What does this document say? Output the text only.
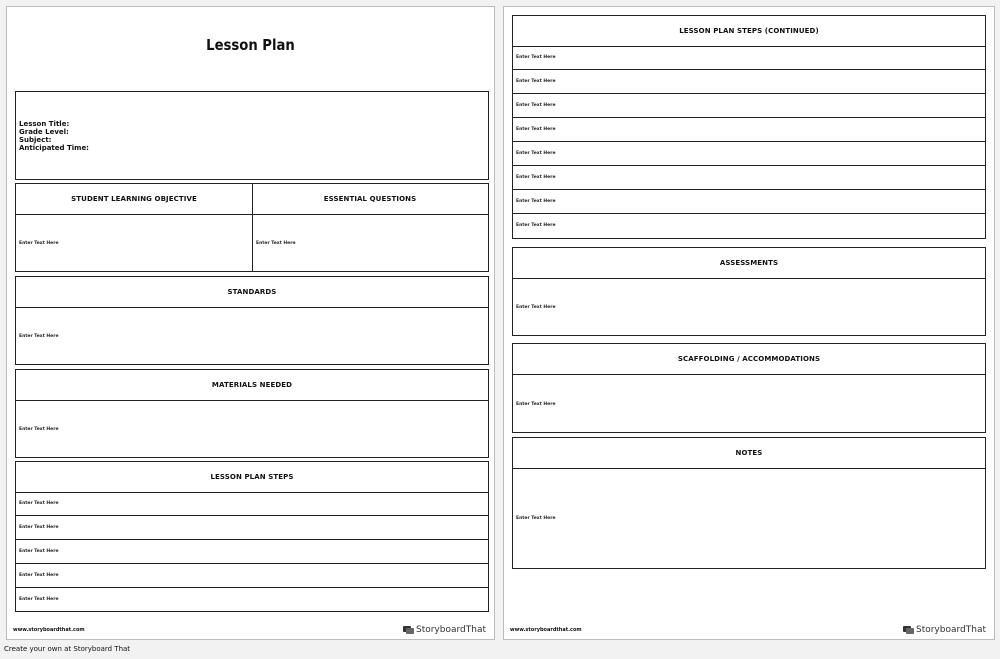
Lesson Plan
Lesson Title:
Grade Level:
Subject:
Anticipated Time:
STUDENT LEARNING OBJECTIVE	ESSENTIAL QUESTIONS
Enter Text Here	Enter Text Here
STANDARDS
Enter Text Here
MATERIALS NEEDED
Enter Text Here
LESSON PLAN STEPS
Enter Text Here
Enter Text Here
Enter Text Here
Enter Text Here
Enter Text Here
www.storyboardthat.com	StoryboardThat
LESSON PLAN STEPS (CONTINUED)
Enter Text Here
Enter Text Here
Enter Text Here
Enter Text Here
Enter Text Here
Enter Text Here
Enter Text Here
Enter Text Here
ASSESSMENTS
Enter Text Here
SCAFFOLDING / ACCOMMODATIONS
Enter Text Here
NOTES
Enter Text Here
www.storyboardthat.com	StoryboardThat
Create your own at Storyboard That
